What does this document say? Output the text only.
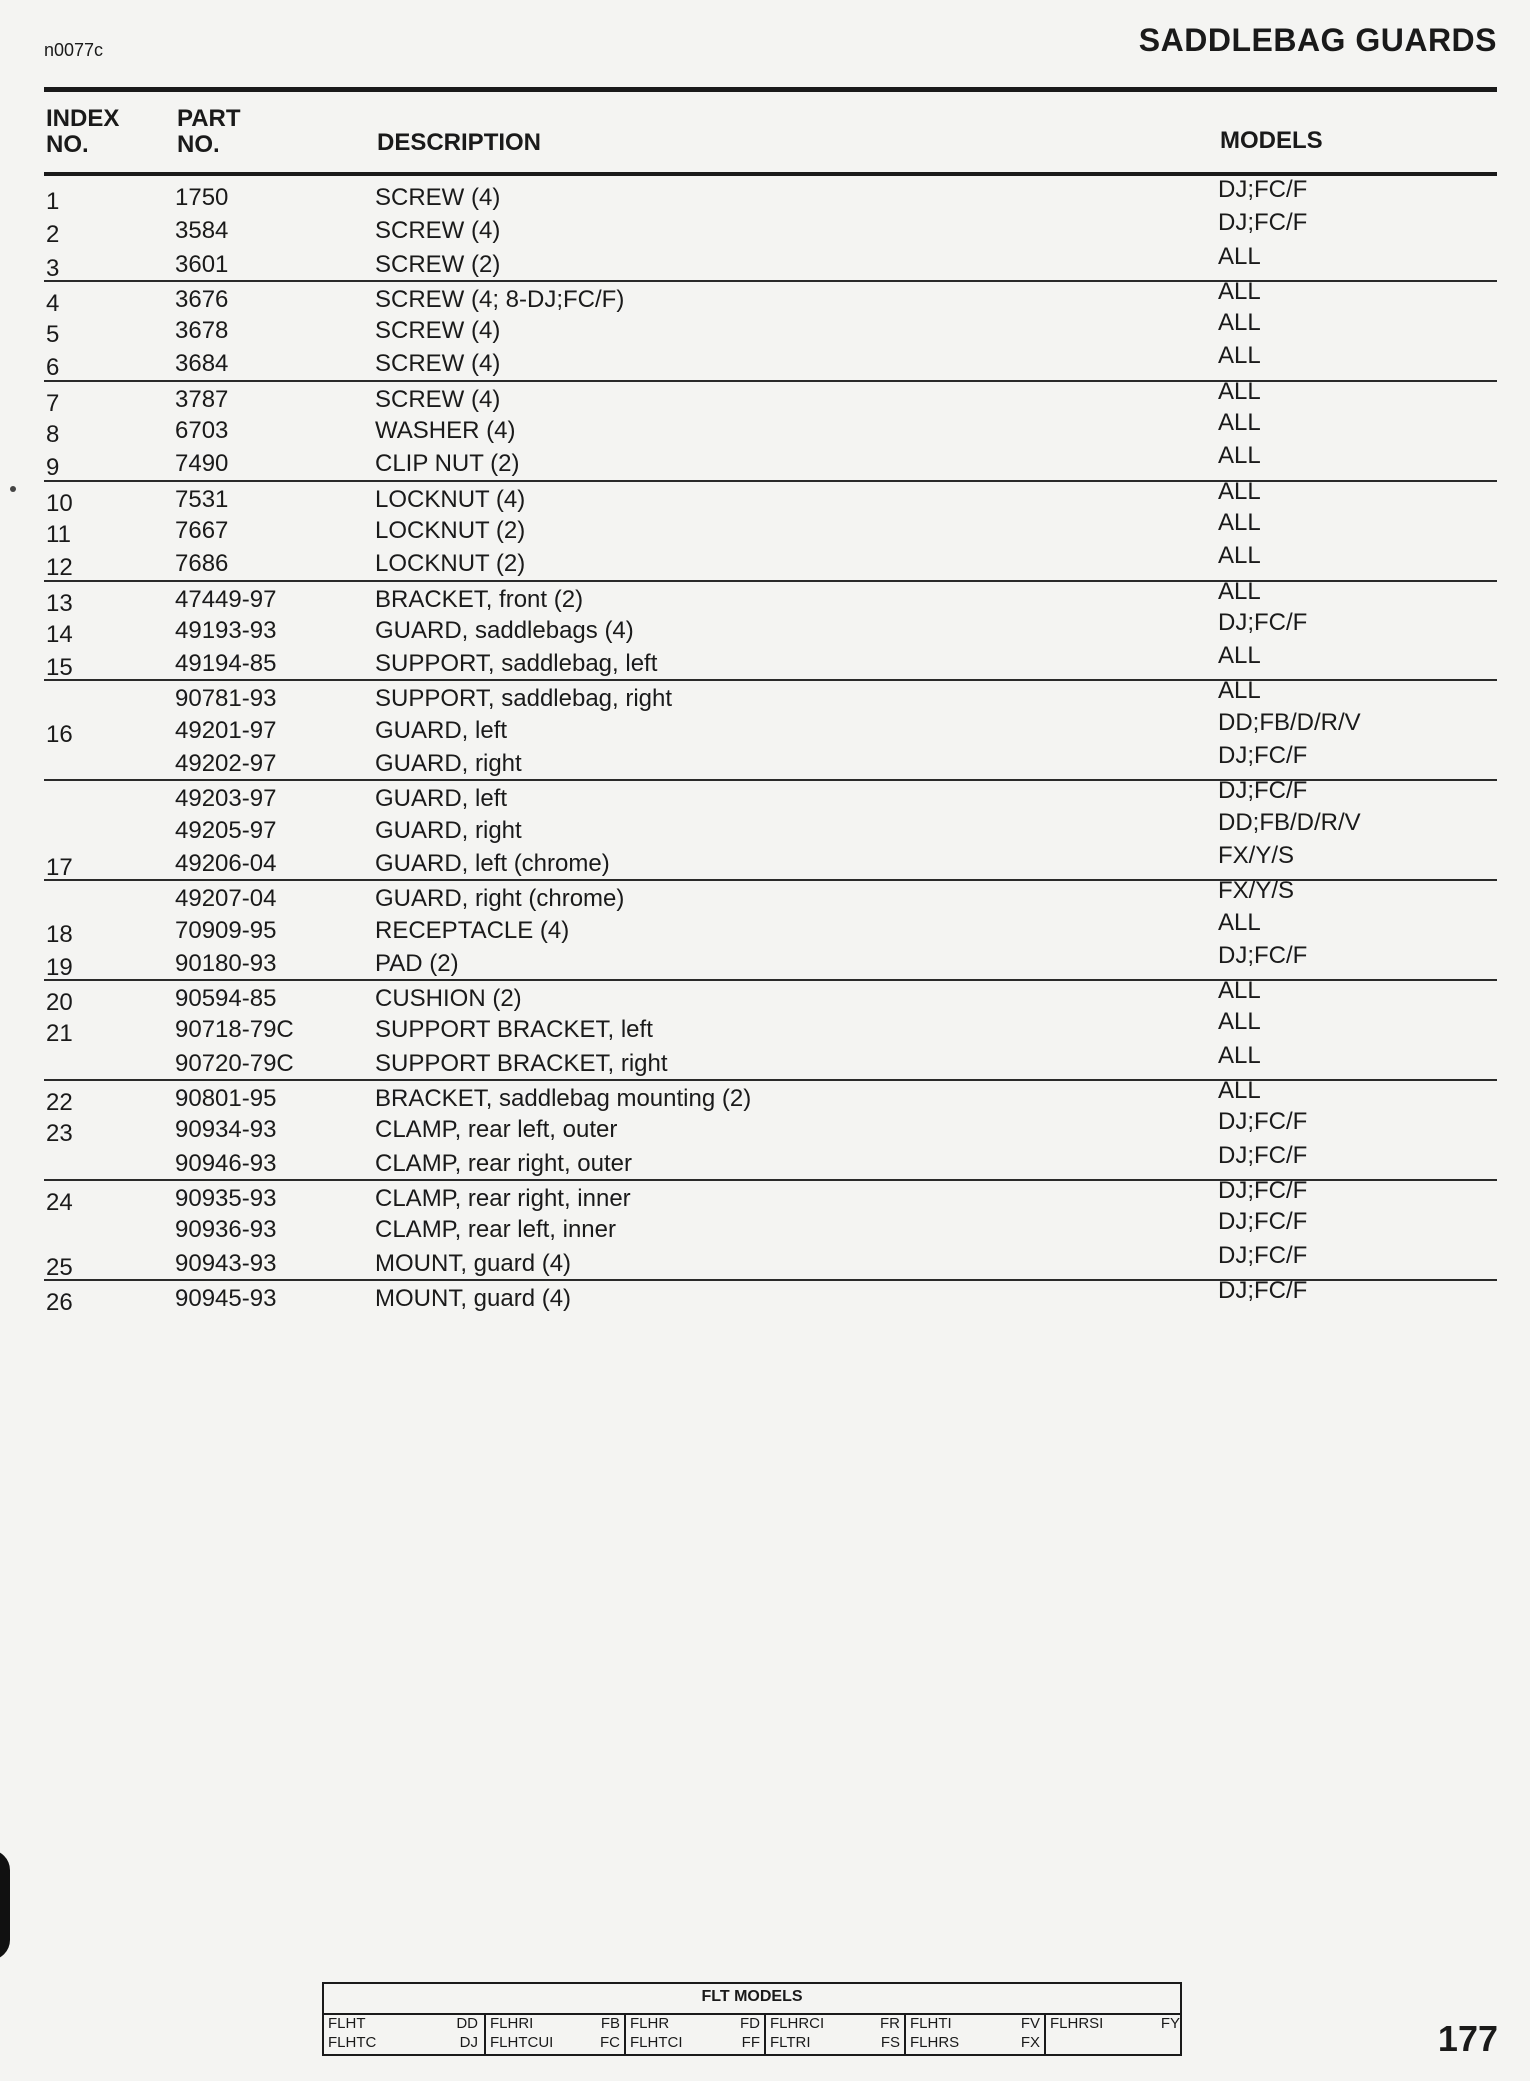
n0077c	SADDLEBAG GUARDS
INDEX
NO.
PART
NO.	DESCRIPTION	MODELS
1	1750	SCREW (4)	DJ;FC/F
2	3584	SCREW (4)	DJ;FC/F
3	3601	SCREW (2)	ALL
4	3676	SCREW (4; 8-DJ;FC/F)	ALL
5	3678	SCREW (4)	ALL
6	3684	SCREW (4)	ALL
7	3787	SCREW (4)	ALL
8	6703	WASHER (4)	ALL
9	7490	CLIP NUT (2)	ALL
10	7531	LOCKNUT (4)	ALL
11	7667	LOCKNUT (2)	ALL
12	7686	LOCKNUT (2)	ALL
13	47449-97	BRACKET, front (2)	ALL
14	49193-93	GUARD, saddlebags (4)	DJ;FC/F
15	49194-85	SUPPORT, saddlebag, left	ALL
90781-93	SUPPORT, saddlebag, right	ALL
16	49201-97	GUARD, left	DD;FB/D/R/V
49202-97	GUARD, right	DJ;FC/F
49203-97	GUARD, left	DJ;FC/F
49205-97	GUARD, right	DD;FB/D/R/V
17	49206-04	GUARD, left (chrome)	FX/Y/S
49207-04	GUARD, right (chrome)	FX/Y/S
18	70909-95	RECEPTACLE (4)	ALL
19	90180-93	PAD (2)	DJ;FC/F
20	90594-85	CUSHION (2)	ALL
21	90718-79C	SUPPORT BRACKET, left	ALL
90720-79C	SUPPORT BRACKET, right	ALL
22	90801-95	BRACKET, saddlebag mounting (2)	ALL
23	90934-93	CLAMP, rear left, outer	DJ;FC/F
90946-93	CLAMP, rear right, outer	DJ;FC/F
24	90935-93	CLAMP, rear right, inner	DJ;FC/F
90936-93	CLAMP, rear left, inner	DJ;FC/F
25	90943-93	MOUNT, guard (4)	DJ;FC/F
26	90945-93	MOUNT, guard (4)	DJ;FC/F
FLT MODELS
FLHT	DD
FLHTC	DJ
FLHRI	FB
FLHTCUI	FC
FLHR	FD
FLHTCI	FF
FLHRCI	FR
FLTRI	FS
FLHTI	FV
FLHRS	FX
FLHRSI	FY	177
